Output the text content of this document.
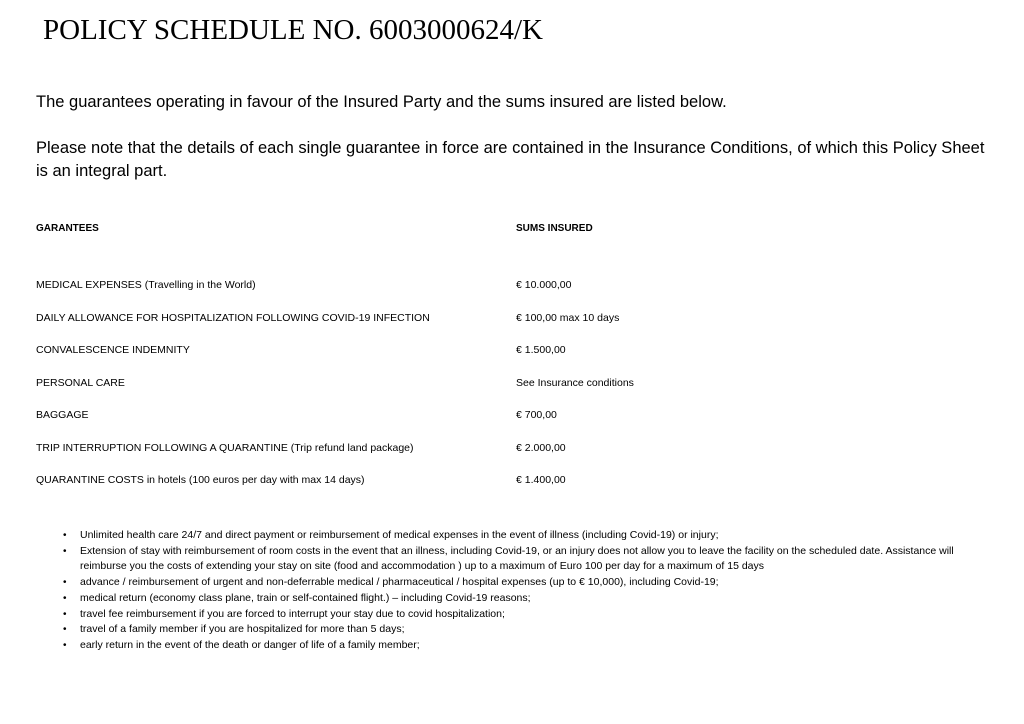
POLICY SCHEDULE NO. 6003000624/K

The guarantees operating in favour of the Insured Party and the sums insured are listed below.

Please note that the details of each single guarantee in force are contained in the Insurance Conditions, of which this Policy Sheet is an integral part.

GARANTEES	SUMS INSURED
MEDICAL EXPENSES (Travelling in the World)	€ 10.000,00
DAILY ALLOWANCE FOR HOSPITALIZATION FOLLOWING COVID-19 INFECTION	€ 100,00 max 10 days
CONVALESCENCE INDEMNITY	€ 1.500,00
PERSONAL CARE	See Insurance conditions
BAGGAGE	€ 700,00
TRIP INTERRUPTION FOLLOWING A QUARANTINE (Trip refund land package)	€ 2.000,00
QUARANTINE COSTS in hotels (100 euros per day with max 14 days)	€ 1.400,00
• Unlimited health care 24/7 and direct payment or reimbursement of medical expenses in the event of illness (including Covid-19) or injury;
• Extension of stay with reimbursement of room costs in the event that an illness, including Covid-19, or an injury does not allow you to leave the facility on the scheduled date. Assistance will reimburse you the costs of extending your stay on site (food and accommodation ) up to a maximum of Euro 100 per day for a maximum of 15 days
• advance / reimbursement of urgent and non-deferrable medical / pharmaceutical / hospital expenses (up to € 10,000), including Covid-19;
• medical return (economy class plane, train or self-contained flight.) – including Covid-19 reasons;
• travel fee reimbursement if you are forced to interrupt your stay due to covid hospitalization;
• travel of a family member if you are hospitalized for more than 5 days;
• early return in the event of the death or danger of life of a family member;
